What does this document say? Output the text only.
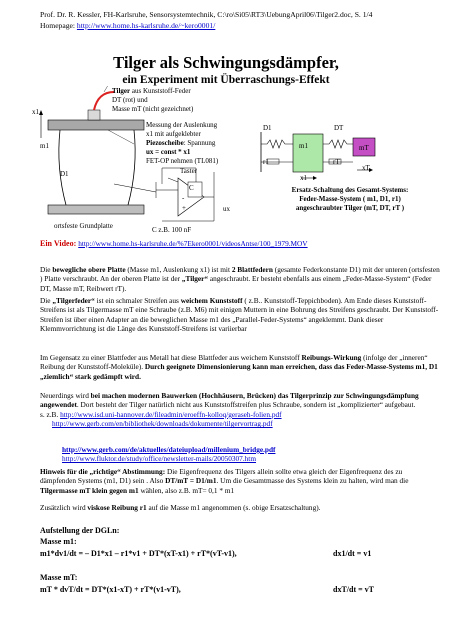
Prof. Dr. R. Kessler, FH-Karlsruhe, Sensorsystemtechnik, C:\ro\Si05\RT3\UebungApril06\Tilger2.doc, S. 1/4
Homepage: http://www.home.hs-karlsruhe.de/~kero0001/
Tilger als Schwingungsdämpfer,
ein Experiment mit Überraschungs-Effekt
Tilger aus Kunststoff-Feder
DT (rot) und
Masse mT (nicht gezeichnet)
Messung der Auslenkung
x1 mit aufgeklebter
Piezoscheibe: Spannung
ux = const * x1
FET-OP nehmen (TL081)
Taster
x1
m1
D1
C
-
+	ux
ortsfeste Grundplatte	C z.B. 100 nF
D1
m1
DT
mT
r1	rT
x1
xT
Ersatz-Schaltung des Gesamt-Systems:
Feder-Masse-System ( m1, D1, r1)
angeschraubter Tilger (mT, DT, rT )
Ein Video: http://www.home.hs-karlsruhe.de/%7Ekero0001/videosAntse/100_1979.MOV
Die bewegliche obere Platte (Masse m1, Auslenkung x1) ist mit 2 Blattfedern (gesamte Federkonstante D1) mit der unteren (ortsfesten ) Platte verschraubt. An der oberen Platte ist der „Tilger“ angeschraubt. Er besteht ebenfalls aus einem „Feder-Masse-System“ (Feder DT, Masse mT, Reibwert rT).
Die „Tilgerfeder“ ist ein schmaler Streifen aus weichem Kunststoff ( z.B.. Kunststoff-Teppichboden). Am Ende dieses Kunststoff-Streifens ist als Tilgermasse mT eine Schraube (z.B. M6) mit einigen Muttern in eine Bohrung des Streifens geschraubt. Der Kunststoff-Streifen ist über einen Adapter an die beweglichen Masse m1 des „Parallel-Feder-Systems“ angeklemmt. Dank dieser Klemmvorrichtung ist die Länge des Kunststoff-Streifens ist variierbar
Im Gegensatz zu einer Blattfeder aus Metall hat diese Blattfeder aus weichem Kunststoff Reibungs-Wirkung (infolge der „inneren“ Reibung der Kunststoff-Moleküle). Durch geeignete Dimensionierung kann man erreichen, dass das Feder-Masse-Systems m1, D1 „ziemlich“ stark gedämpft wird.
Neuerdings wird bei machen modernen Bauwerken (Hochhäusern, Brücken) das Tilgerprinzip zur Schwingungsdämpfung angewendet. Dort besteht der Tilger natürlich nicht aus Kunststoffstreifen plus Schraube, sondern ist „komplizierter“ aufgebaut.
s. z.B. http://www.isd.uni-hannover.de/fileadmin/eroeffn-kolloq/geraseh-folien.pdf
http://www.gerb.com/en/bibliothek/downloads/dokumente/tilgervortrag.pdf
http://www.gerb.com/de/aktuelles/dateiupload/millenium_bridge.pdf
http://www.fluktor.de/study/office/newsletter-mails/20050307.htm
Hinweis für die „richtige“ Abstimmung: Die Eigenfrequenz des Tilgers allein sollte etwa gleich der Eigenfrequenz des zu dämpfenden Systems (m1, D1) sein . Also DT/mT = D1/m1. Um die Gesamtmasse des Systems klein zu halten, wird man die Tilgermasse mT klein gegen m1 wählen, also z.B. mT= 0,1 * m1
Zusätzlich wird viskose Reibung r1 auf die Masse m1 angenommen (s. obige Ersatzschaltung).
Aufstellung der DGLn:
Masse m1:
m1*dv1/dt = – D1*x1 – r1*v1 + DT*(xT-x1) + rT*(vT-v1),	dx1/dt = v1
Masse mT:
mT * dvT/dt = DT*(x1-xT) + rT*(v1-vT),	dxT/dt = vT
